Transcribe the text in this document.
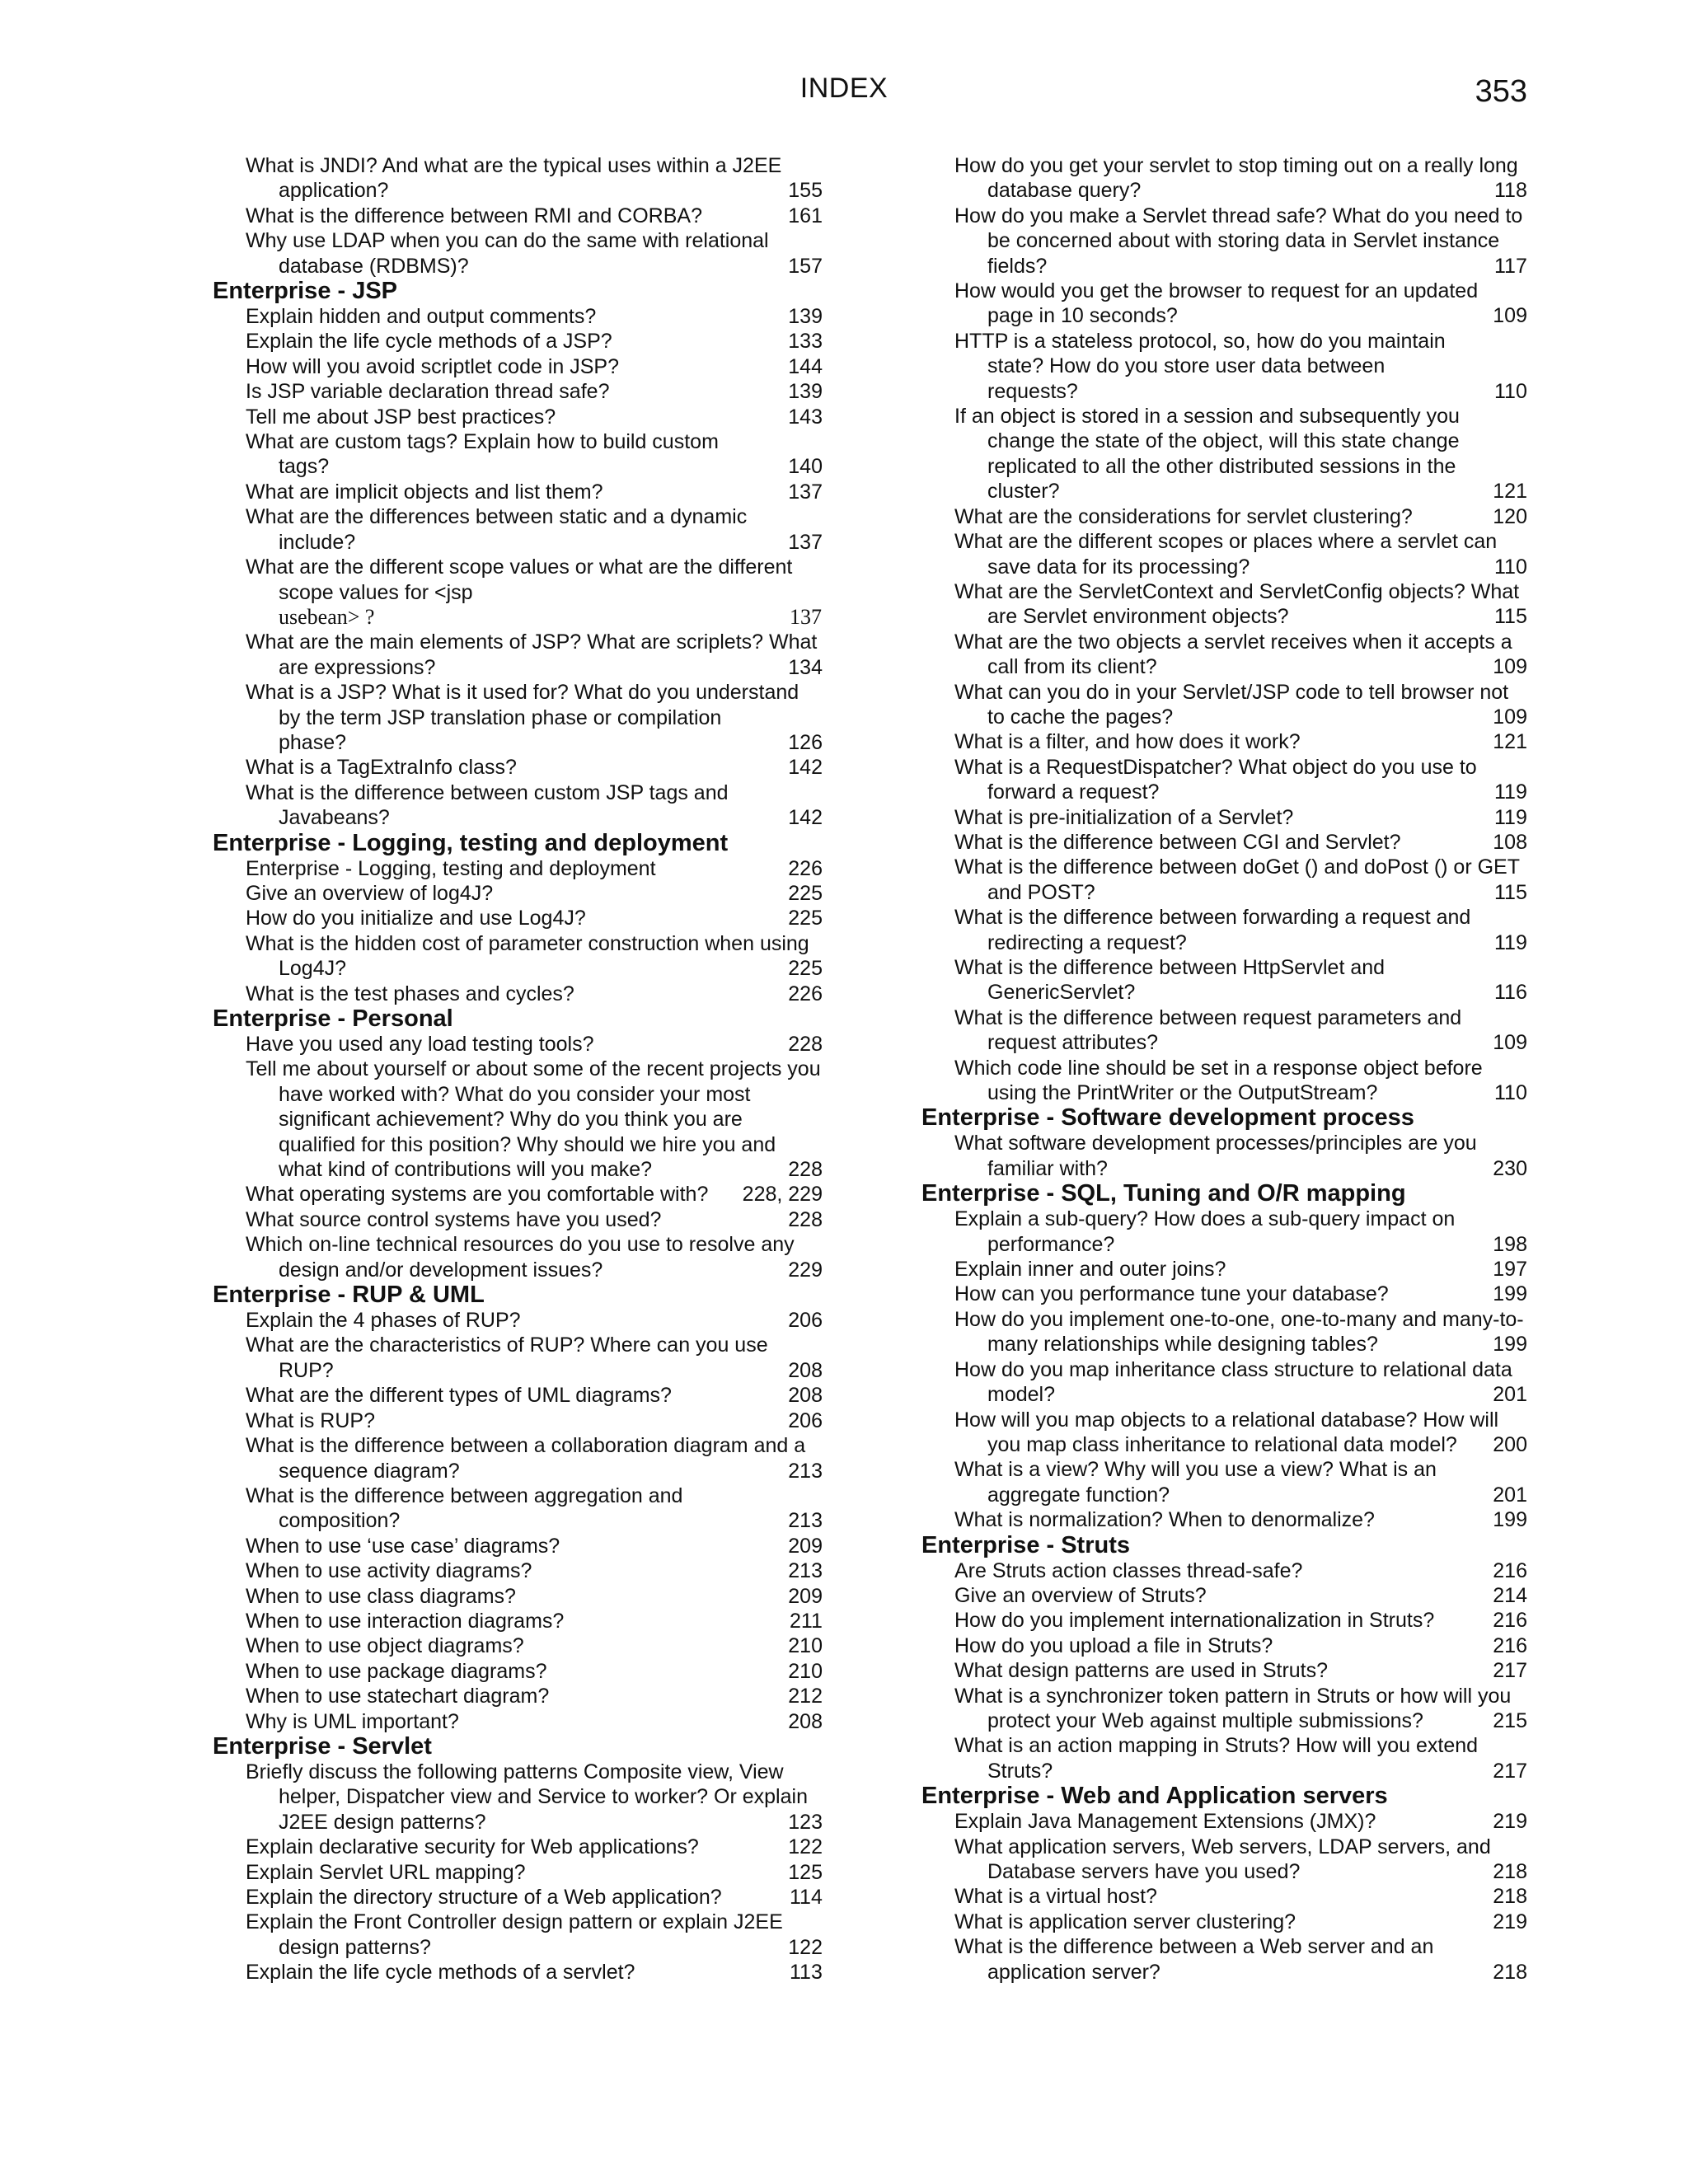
INDEX	353
What is JNDI? And what are the typical uses within a J2EE application?	155
What is the difference between RMI and CORBA?	161
Why use LDAP when you can do the same with relational database (RDBMS)?	157
Enterprise - JSP
Explain hidden and output comments?	139
Explain the life cycle methods of a JSP?	133
How will you avoid scriptlet code in JSP?	144
Is JSP variable declaration thread safe?	139
Tell me about JSP best practices?	143
What are custom tags? Explain how to build custom tags?	140
What are implicit objects and list them?	137
What are the differences between static and a dynamic include?	137
What are the different scope values or what are the different scope values for <jsp
usebean> ?	137
What are the main elements of JSP? What are scriplets? What are expressions?	134
What is a JSP? What is it used for? What do you understand by the term JSP translation phase or compilation phase?	126
What is a TagExtraInfo class?	142
What is the difference between custom JSP tags and Javabeans?	142
Enterprise - Logging, testing and deployment
Enterprise - Logging, testing and deployment	226
Give an overview of log4J?	225
How do you initialize and use Log4J?	225
What is the hidden cost of parameter construction when using Log4J?	225
What is the test phases and cycles?	226
Enterprise - Personal
Have you used any load testing tools?	228
Tell me about yourself or about some of the recent projects you have worked with? What do you consider your most significant achievement? Why do you think you are qualified for this position? Why should we hire you and what kind of contributions will you make?	228
What operating systems are you comfortable with? 228, 229
What source control systems have you used?	228
Which on-line technical resources do you use to resolve any design and/or development issues?	229
Enterprise - RUP & UML
Explain the 4 phases of RUP?	206
What are the characteristics of RUP? Where can you use RUP?	208
What are the different types of UML diagrams?	208
What is RUP?	206
What is the difference between a collaboration diagram and a sequence diagram?	213
What is the difference between aggregation and composition?	213
When to use ‘use case’ diagrams?	209
When to use activity diagrams?	213
When to use class diagrams?	209
When to use interaction diagrams?	211
When to use object diagrams?	210
When to use package diagrams?	210
When to use statechart diagram?	212
Why is UML important?	208
Enterprise - Servlet
Briefly discuss the following patterns Composite view, View helper, Dispatcher view and Service to worker? Or explain J2EE design patterns?	123
Explain declarative security for Web applications?	122
Explain Servlet URL mapping?	125
Explain the directory structure of a Web application?	114
Explain the Front Controller design pattern or explain J2EE design patterns?	122
Explain the life cycle methods of a servlet?	113
How do you get your servlet to stop timing out on a really long database query?	118
How do you make a Servlet thread safe? What do you need to be concerned about with storing data in Servlet instance fields?	117
How would you get the browser to request for an updated page in 10 seconds?	109
HTTP is a stateless protocol, so, how do you maintain state? How do you store user data between requests?	110
If an object is stored in a session and subsequently you change the state of the object, will this state change replicated to all the other distributed sessions in the cluster?	121
What are the considerations for servlet clustering?	120
What are the different scopes or places where a servlet can save data for its processing?	110
What are the ServletContext and ServletConfig objects? What are Servlet environment objects?	115
What are the two objects a servlet receives when it accepts a call from its client?	109
What can you do in your Servlet/JSP code to tell browser not to cache the pages?	109
What is a filter, and how does it work?	121
What is a RequestDispatcher? What object do you use to forward a request?	119
What is pre-initialization of a Servlet?	119
What is the difference between CGI and Servlet?	108
What is the difference between doGet () and doPost () or GET and POST?	115
What is the difference between forwarding a request and redirecting a request?	119
What is the difference between HttpServlet and GenericServlet?	116
What is the difference between request parameters and request attributes?	109
Which code line should be set in a response object before using the PrintWriter or the OutputStream?	110
Enterprise - Software development process
What software development processes/principles are you familiar with?	230
Enterprise - SQL, Tuning and O/R mapping
Explain a sub-query? How does a sub-query impact on performance?	198
Explain inner and outer joins?	197
How can you performance tune your database?	199
How do you implement one-to-one, one-to-many and many-to-many relationships while designing tables?	199
How do you map inheritance class structure to relational data model?	201
How will you map objects to a relational database? How will you map class inheritance to relational data model? 200
What is a view? Why will you use a view? What is an aggregate function?	201
What is normalization? When to denormalize?	199
Enterprise - Struts
Are Struts action classes thread-safe?	216
Give an overview of Struts?	214
How do you implement internationalization in Struts?	216
How do you upload a file in Struts?	216
What design patterns are used in Struts?	217
What is a synchronizer token pattern in Struts or how will you protect your Web against multiple submissions?	215
What is an action mapping in Struts? How will you extend Struts?	217
Enterprise - Web and Application servers
Explain Java Management Extensions (JMX)?	219
What application servers, Web servers, LDAP servers, and Database servers have you used?	218
What is a virtual host?	218
What is application server clustering?	219
What is the difference between a Web server and an application server?	218
